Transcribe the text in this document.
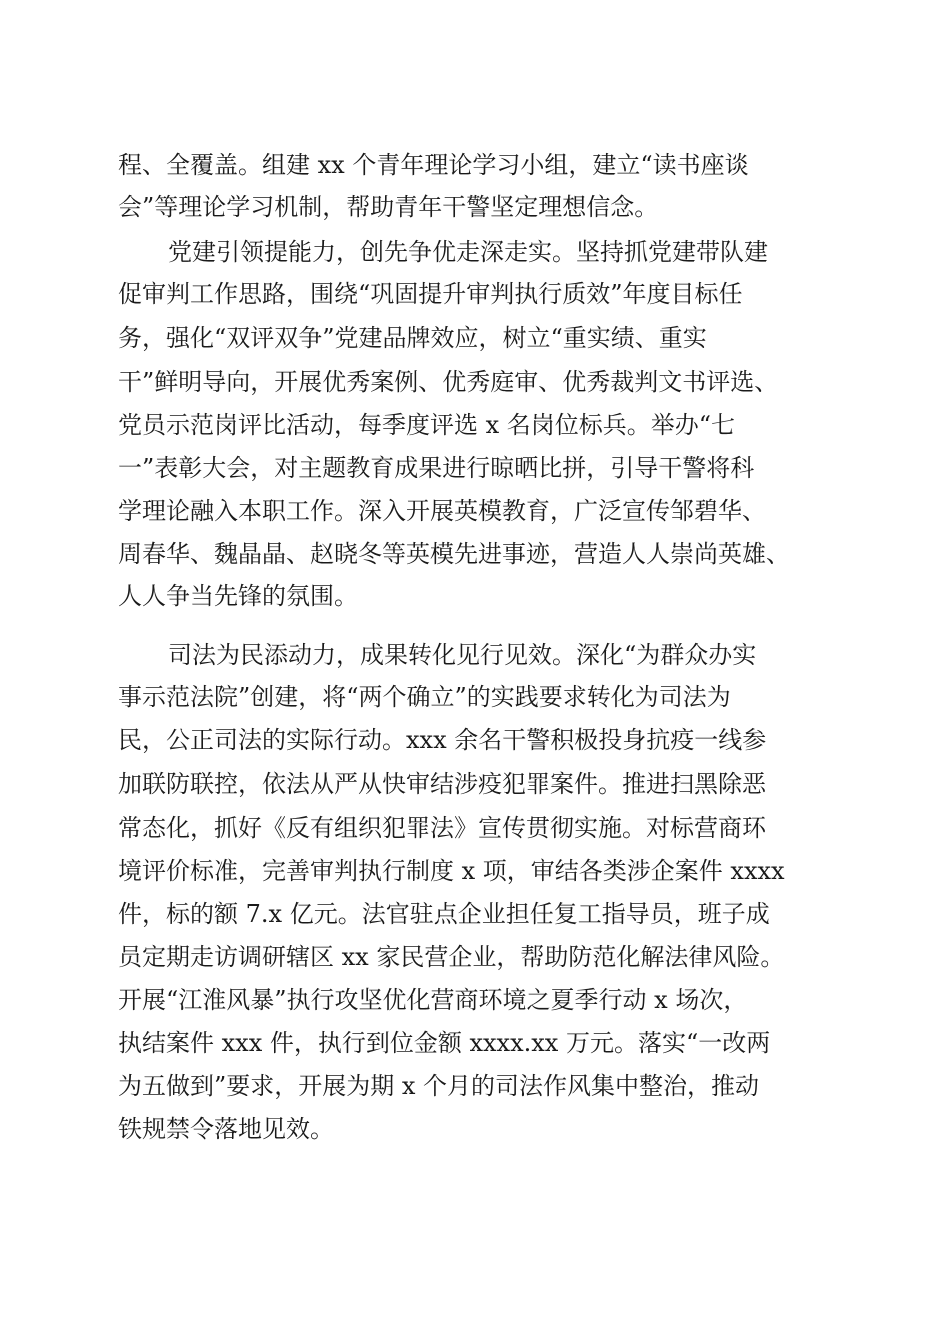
程、全覆盖。组建 xx 个青年理论学习小组，建立“读书座谈
会”等理论学习机制，帮助青年干警坚定理想信念。
党建引领提能力，创先争优走深走实。坚持抓党建带队建
促审判工作思路，围绕“巩固提升审判执行质效”年度目标任
务，强化“双评双争”党建品牌效应，树立“重实绩、重实
干”鲜明导向，开展优秀案例、优秀庭审、优秀裁判文书评选、
党员示范岗评比活动，每季度评选 x 名岗位标兵。举办“七
一”表彰大会，对主题教育成果进行晾晒比拼，引导干警将科
学理论融入本职工作。深入开展英模教育，广泛宣传邹碧华、
周春华、魏晶晶、赵晓冬等英模先进事迹，营造人人崇尚英雄、
人人争当先锋的氛围。
司法为民添动力，成果转化见行见效。深化“为群众办实
事示范法院”创建，将“两个确立”的实践要求转化为司法为
民，公正司法的实际行动。xxx 余名干警积极投身抗疫一线参
加联防联控，依法从严从快审结涉疫犯罪案件。推进扫黑除恶
常态化，抓好《反有组织犯罪法》宣传贯彻实施。对标营商环
境评价标准，完善审判执行制度 x 项，审结各类涉企案件 xxxx
件，标的额 7.x 亿元。法官驻点企业担任复工指导员，班子成
员定期走访调研辖区 xx 家民营企业，帮助防范化解法律风险。
开展“江淮风暴”执行攻坚优化营商环境之夏季行动 x 场次，
执结案件 xxx 件，执行到位金额 xxxx.xx 万元。落实“一改两
为五做到”要求，开展为期 x 个月的司法作风集中整治，推动
铁规禁令落地见效。
